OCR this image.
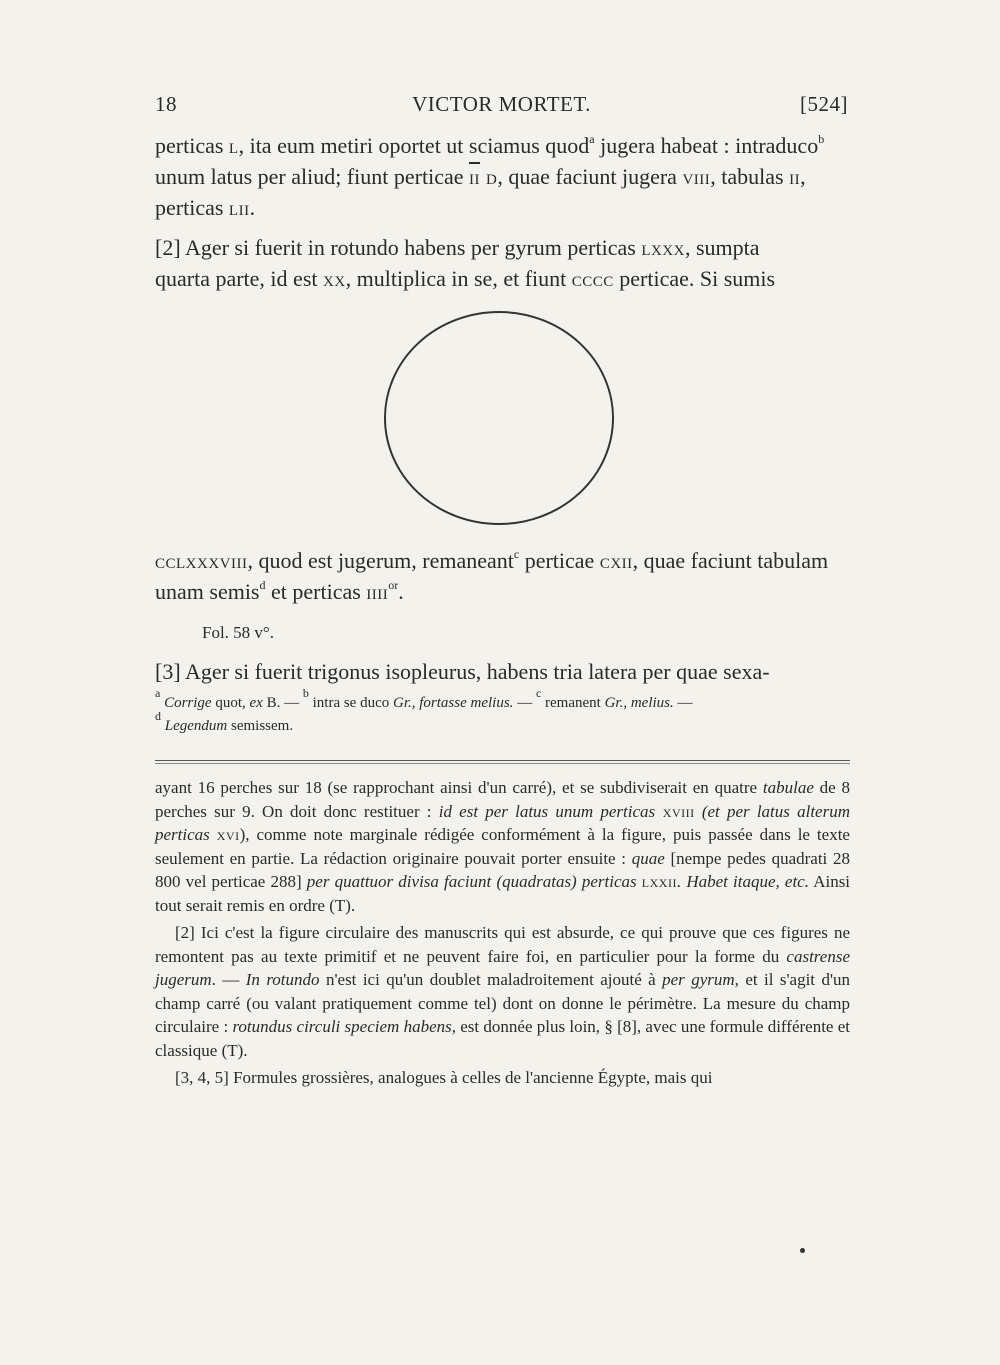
18	VICTOR MORTET.	[524]

perticas l, ita eum metiri oportet ut sciamus quod$^a$ jugera habeat : intraduco$^b$

unum latus per aliud; fiunt perticae $\overline{ii}$ d, quae faciunt jugera viii, tabulas ii,

perticas lii.

[2] Ager si fuerit in rotundo habens per gyrum perticas lxxx, sumpta

quarta parte, id est xx, multiplica in se, et fiunt cccc perticae. Si sumis

cclxxxviii, quod est jugerum, remaneant$^c$ perticae cxii, quae faciunt tabulam

unam semis$^d$ et perticas iiii$^{or}$.

Fol. 58 v°.

[3] Ager si fuerit trigonus isopleurus, habens tria latera per quae sexa-

$^a$ Corrige quot, ex B. — $^b$ intra se duco Gr., fortasse melius. — $^c$ remanent Gr., melius. —

$^d$ Legendum semissem.

ayant 16 perches sur 18 (se rapprochant ainsi d'un carré), et se subdiviserait en quatre tabulae de 8 perches sur 9. On doit donc restituer : id est per latus unum perticas xviii (et per latus alterum perticas xvi), comme note marginale rédigée conformément à la figure, puis passée dans le texte seulement en partie. La rédaction originaire pouvait porter ensuite : quae [nempe pedes quadrati 28 800 vel perticae 288] per quattuor divisa faciunt (quadratas) perticas lxxii. Habet itaque, etc. Ainsi tout serait remis en ordre (T).

[2] Ici c'est la figure circulaire des manuscrits qui est absurde, ce qui prouve que ces figures ne remontent pas au texte primitif et ne peuvent faire foi, en particulier pour la forme du castrense jugerum. — In rotundo n'est ici qu'un doublet maladroitement ajouté à per gyrum, et il s'agit d'un champ carré (ou valant pratiquement comme tel) dont on donne le périmètre. La mesure du champ circulaire : rotundus circuli speciem habens, est donnée plus loin, § [8], avec une formule différente et classique (T).

[3, 4, 5] Formules grossières, analogues à celles de l'ancienne Égypte, mais qui
